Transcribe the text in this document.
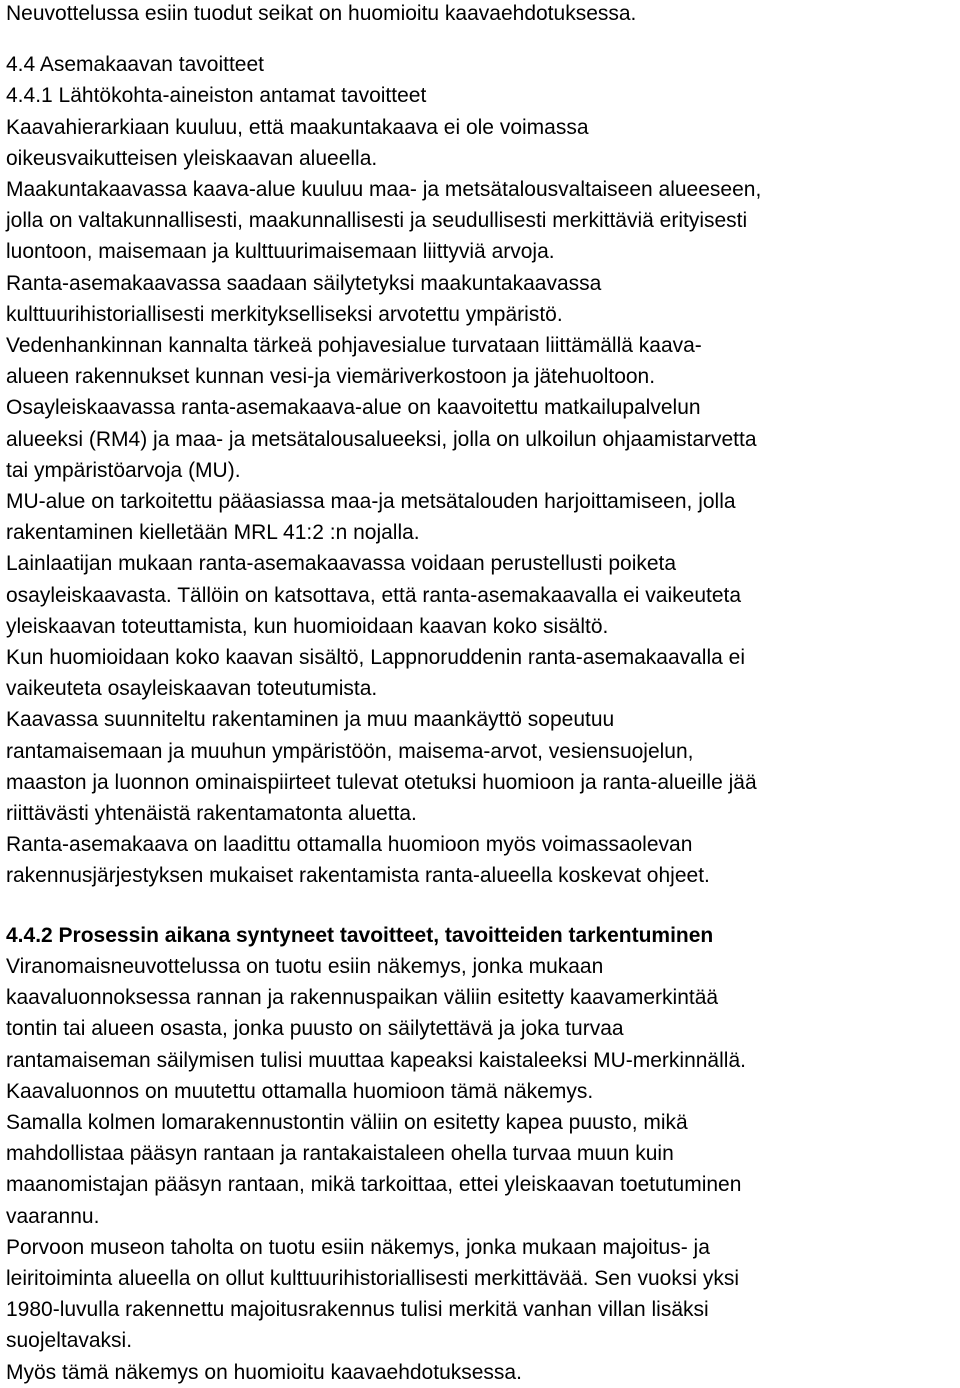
Neuvottelussa esiin tuodut seikat on huomioitu kaavaehdotuksessa.
4.4 Asemakaavan tavoitteet
4.4.1 Lähtökohta-aineiston antamat tavoitteet
Kaavahierarkiaan kuuluu, että maakuntakaava ei ole voimassa
oikeusvaikutteisen yleiskaavan alueella.
Maakuntakaavassa kaava-alue kuuluu maa- ja metsätalousvaltaiseen alueeseen,
jolla on valtakunnallisesti, maakunnallisesti ja seudullisesti merkittäviä erityisesti
luontoon, maisemaan ja kulttuurimaisemaan liittyviä arvoja.
Ranta-asemakaavassa saadaan säilytetyksi maakuntakaavassa
kulttuurihistoriallisesti merkitykselliseksi arvotettu ympäristö.
Vedenhankinnan kannalta tärkeä pohjavesialue turvataan liittämällä kaava-
alueen rakennukset kunnan vesi-ja viemäriverkostoon ja jätehuoltoon.
Osayleiskaavassa ranta-asemakaava-alue on kaavoitettu matkailupalvelun
alueeksi (RM4) ja maa- ja metsätalousalueeksi, jolla on ulkoilun ohjaamistarvetta
tai ympäristöarvoja (MU).
MU-alue on tarkoitettu pääasiassa maa-ja metsätalouden harjoittamiseen, jolla
rakentaminen kielletään MRL 41:2 :n nojalla.
Lainlaatijan mukaan ranta-asemakaavassa voidaan perustellusti poiketa
osayleiskaavasta. Tällöin on katsottava, että ranta-asemakaavalla ei vaikeuteta
yleiskaavan toteuttamista, kun huomioidaan kaavan koko sisältö.
Kun huomioidaan koko kaavan sisältö, Lappnoruddenin ranta-asemakaavalla ei
vaikeuteta osayleiskaavan toteutumista.
Kaavassa suunniteltu rakentaminen ja muu maankäyttö sopeutuu
rantamaisemaan ja muuhun ympäristöön, maisema-arvot, vesiensuojelun,
maaston ja luonnon ominaispiirteet tulevat otetuksi huomioon ja ranta-alueille jää
riittävästi yhtenäistä rakentamatonta aluetta.
Ranta-asemakaava on laadittu ottamalla huomioon myös voimassaolevan
rakennusjärjestyksen mukaiset rakentamista ranta-alueella koskevat ohjeet.
4.4.2 Prosessin aikana syntyneet tavoitteet, tavoitteiden tarkentuminen
Viranomaisneuvottelussa on tuotu esiin näkemys, jonka mukaan
kaavaluonnoksessa rannan ja rakennuspaikan väliin esitetty kaavamerkintää
tontin tai alueen osasta, jonka puusto on säilytettävä ja joka turvaa
rantamaiseman säilymisen tulisi muuttaa kapeaksi kaistaleeksi MU-merkinnällä.
Kaavaluonnos on muutettu ottamalla huomioon tämä näkemys.
Samalla kolmen lomarakennustontin väliin on esitetty kapea puusto, mikä
mahdollistaa pääsyn rantaan ja rantakaistaleen ohella turvaa muun kuin
maanomistajan pääsyn rantaan, mikä tarkoittaa, ettei yleiskaavan toetutuminen
vaarannu.
Porvoon museon taholta on tuotu esiin näkemys, jonka mukaan majoitus- ja
leiritoiminta alueella on ollut kulttuurihistoriallisesti merkittävää. Sen vuoksi yksi
1980-luvulla rakennettu majoitusrakennus tulisi merkitä vanhan villan lisäksi
suojeltavaksi.
Myös tämä näkemys on huomioitu kaavaehdotuksessa.
